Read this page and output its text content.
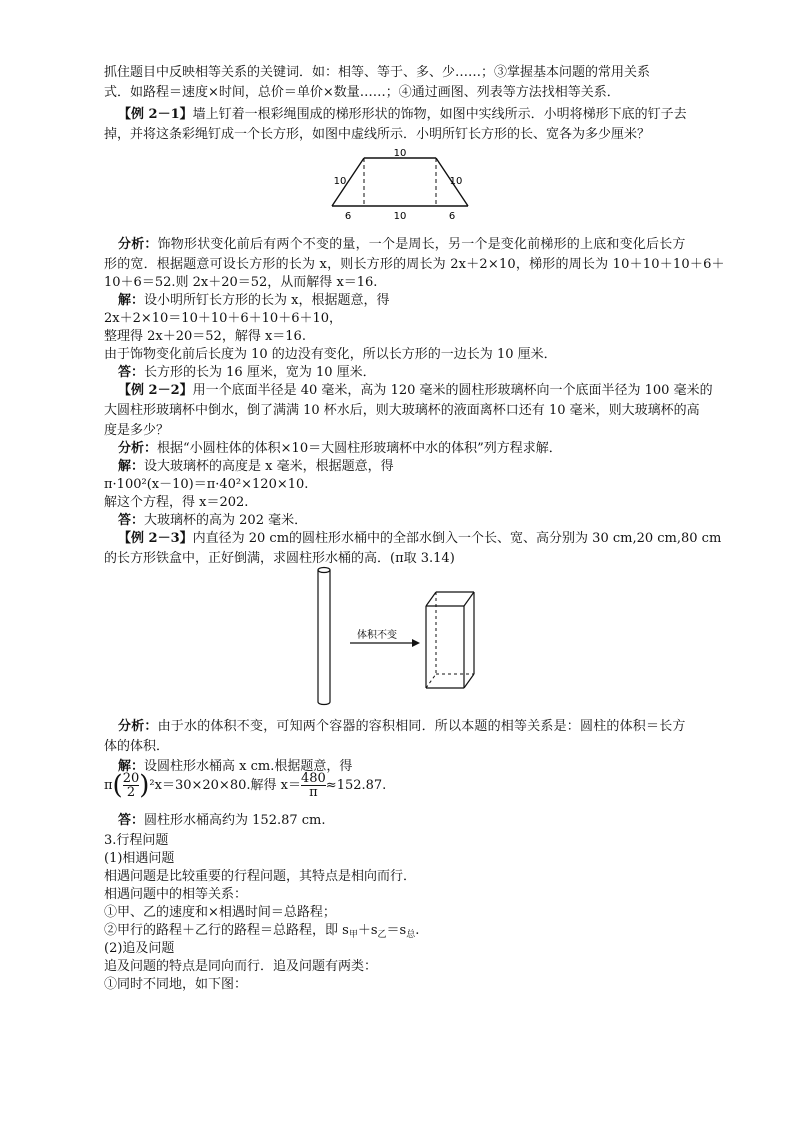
抓住题目中反映相等关系的关键词．如：相等、等于、多、少……；③掌握基本问题的常用关系
式．如路程＝速度×时间，总价＝单价×数量……；④通过画图、列表等方法找相等关系．
【例 2－1】墙上钉着一根彩绳围成的梯形形状的饰物，如图中实线所示．小明将梯形下底的钉子去
掉，并将这条彩绳钉成一个长方形，如图中虚线所示．小明所钉长方形的长、宽各为多少厘米？
10
10	10
6	10	6
分析：饰物形状变化前后有两个不变的量，一个是周长，另一个是变化前梯形的上底和变化后长方
形的宽．根据题意可设长方形的长为 x，则长方形的周长为 2x＋2×10，梯形的周长为 10＋10＋10＋6＋
10＋6＝52.则 2x＋20＝52，从而解得 x＝16.
解：设小明所钉长方形的长为 x，根据题意，得
2x＋2×10＝10＋10＋6＋10＋6＋10，
整理得 2x＋20＝52，解得 x＝16.
由于饰物变化前后长度为 10 的边没有变化，所以长方形的一边长为 10 厘米．
答：长方形的长为 16 厘米，宽为 10 厘米．
【例 2－2】用一个底面半径是 40 毫米，高为 120 毫米的圆柱形玻璃杯向一个底面半径为 100 毫米的
大圆柱形玻璃杯中倒水，倒了满满 10 杯水后，则大玻璃杯的液面离杯口还有 10 毫米，则大玻璃杯的高
度是多少？
分析：根据“小圆柱体的体积×10＝大圆柱形玻璃杯中水的体积”列方程求解．
解：设大玻璃杯的高度是 x 毫米，根据题意，得
π·100²(x－10)＝π·40²×120×10.
解这个方程，得 x＝202.
答：大玻璃杯的高为 202 毫米．
【例 2－3】内直径为 20 cm的圆柱形水桶中的全部水倒入一个长、宽、高分别为 30 cm,20 cm,80 cm
的长方形铁盒中，正好倒满，求圆柱形水桶的高．(π取 3.14)
体积不变
分析：由于水的体积不变，可知两个容器的容积相同．所以本题的相等关系是：圆柱的体积＝长方
体的体积．
解：设圆柱形水桶高 x cm.根据题意，得
$\pi( \frac{20}{2} )^2x=30\times 20\times 80$.解得 $x= \frac{480}{\pi} \approx 152.87$.
答：圆柱形水桶高约为 152.87 cm.
3.行程问题
(1)相遇问题
相遇问题是比较重要的行程问题，其特点是相向而行．
相遇问题中的相等关系：
①甲、乙的速度和×相遇时间＝总路程；
②甲行的路程＋乙行的路程＝总路程，即 $s_甲+s_乙=s_总$.
(2)追及问题
追及问题的特点是同向而行．追及问题有两类：
①同时不同地，如下图：
